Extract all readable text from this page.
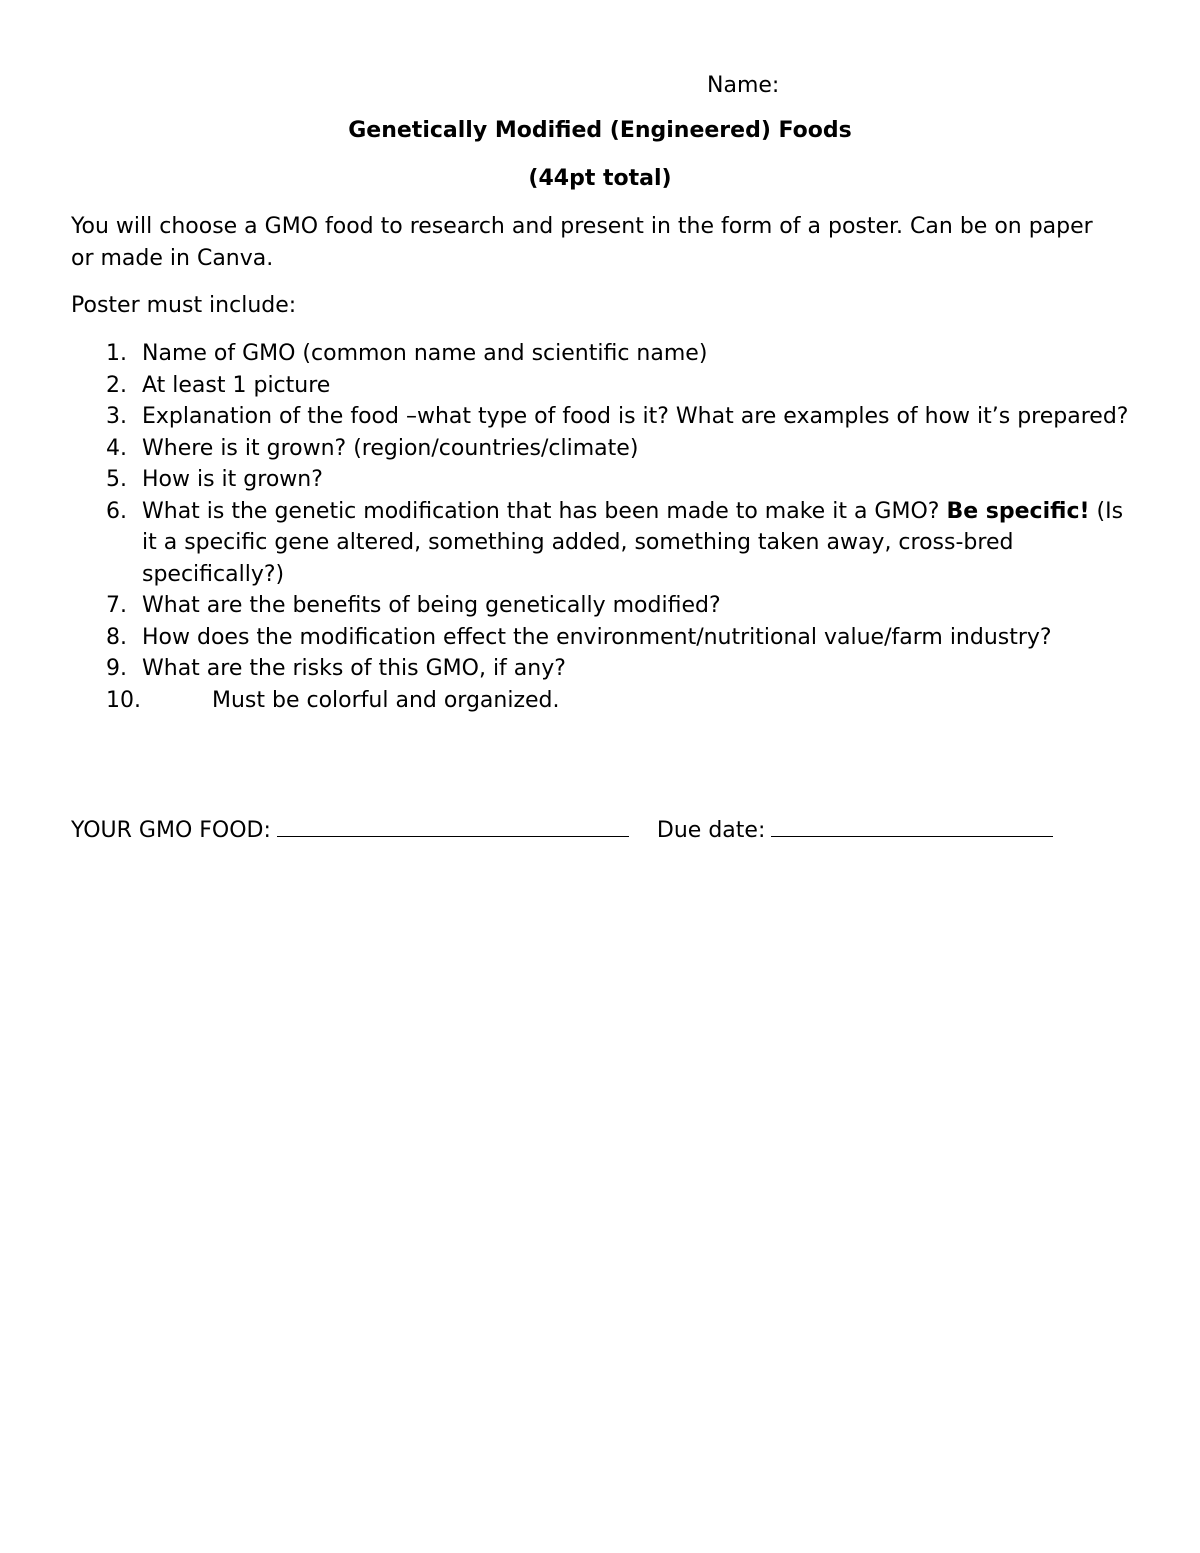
Name:
Genetically Modified (Engineered) Foods
(44pt total)

You will choose a GMO food to research and present in the form of a poster. Can be on paper or made in Canva.

Poster must include:
1. Name of GMO (common name and scientific name)
2. At least 1 picture
3. Explanation of the food –what type of food is it? What are examples of how it’s prepared?
4. Where is it grown? (region/countries/climate)
5. How is it grown?
6. What is the genetic modification that has been made to make it a GMO? Be specific! (Is it a specific gene altered, something added, something taken away, cross-bred specifically?)
7. What are the benefits of being genetically modified?
8. How does the modification effect the environment/nutritional value/farm industry?
9. What are the risks of this GMO, if any?
10.	Must be colorful and organized.
YOUR GMO FOOD:	Due date:
